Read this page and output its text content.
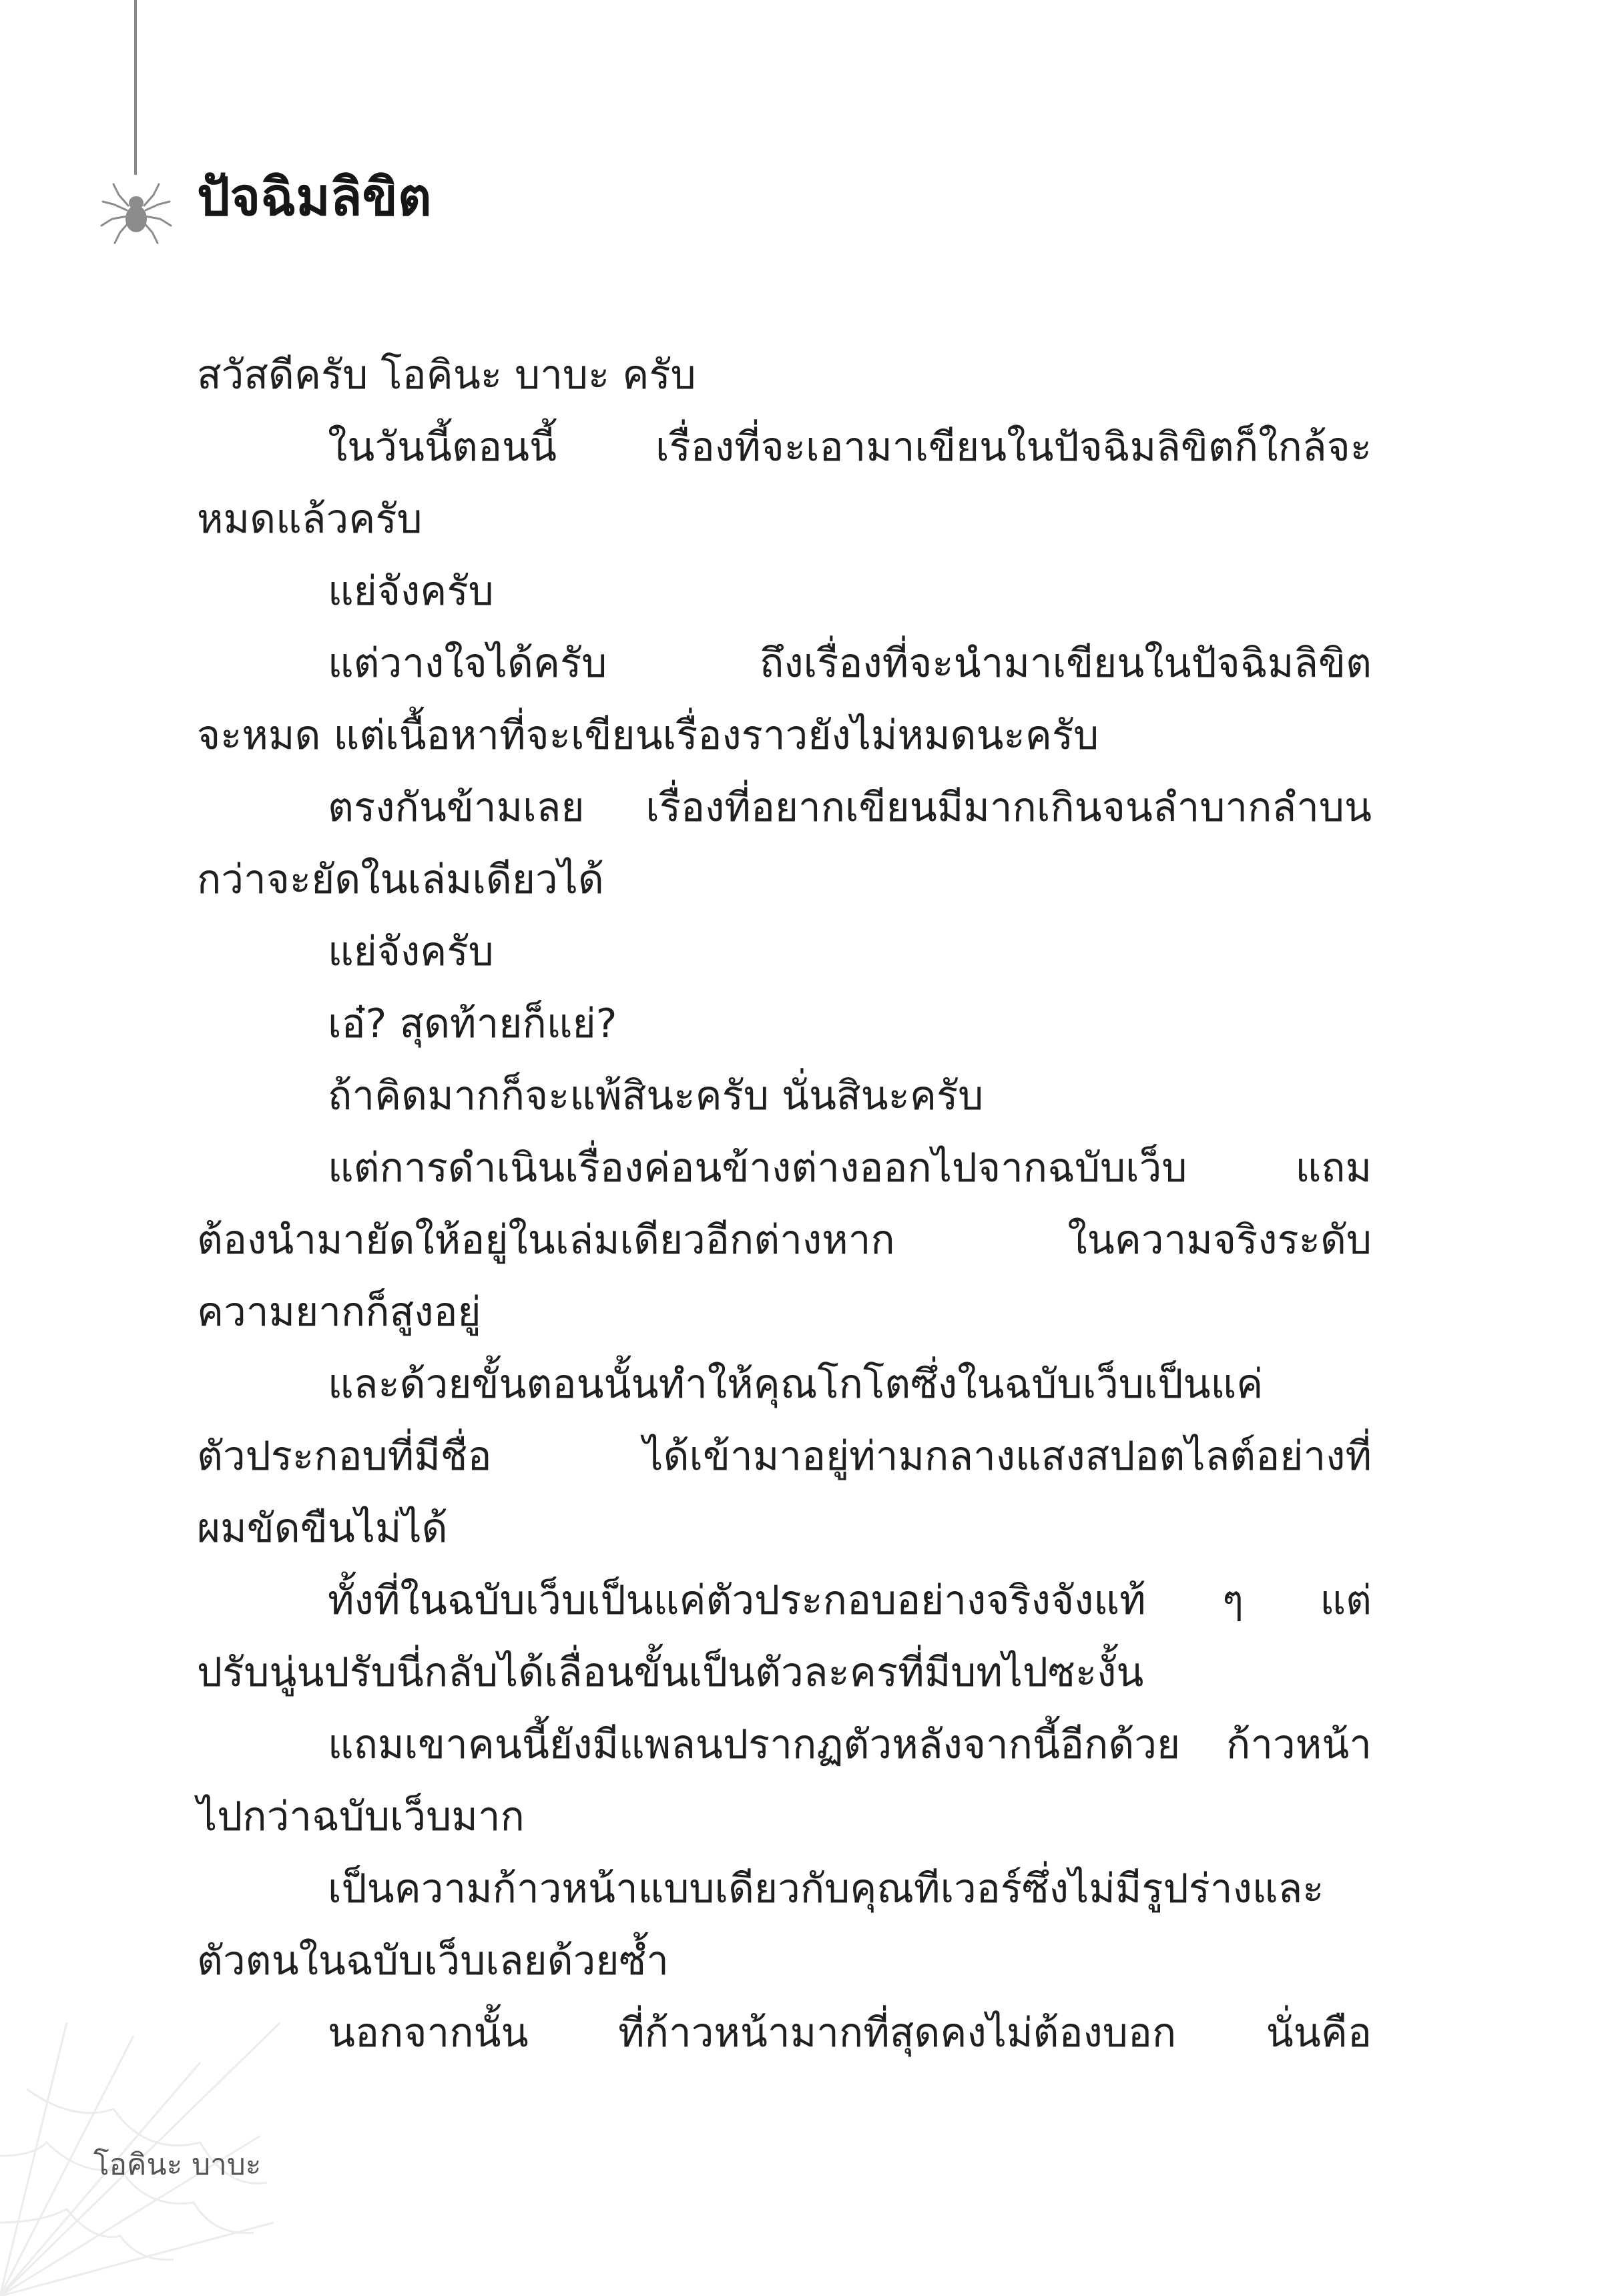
ปัจฉิมลิขิต
สวัสดีครับ โอคินะ บาบะ ครับ
ในวันนี้ตอนนี้ เรื่องที่จะเอามาเขียนในปัจฉิมลิขิตก็ใกล้จะ
หมดแล้วครับ
แย่จังครับ
แต่วางใจได้ครับ ถึงเรื่องที่จะนำมาเขียนในปัจฉิมลิขิต
จะหมด แต่เนื้อหาที่จะเขียนเรื่องราวยังไม่หมดนะครับ
ตรงกันข้ามเลย เรื่องที่อยากเขียนมีมากเกินจนลำบากลำบน
กว่าจะยัดในเล่มเดียวได้
แย่จังครับ
เอ๋? สุดท้ายก็แย่?
ถ้าคิดมากก็จะแพ้สินะครับ นั่นสินะครับ
แต่การดำเนินเรื่องค่อนข้างต่างออกไปจากฉบับเว็บ แถม
ต้องนำมายัดให้อยู่ในเล่มเดียวอีกต่างหาก ในความจริงระดับ
ความยากก็สูงอยู่
และด้วยขั้นตอนนั้นทำให้คุณโกโตซึ่งในฉบับเว็บเป็นแค่
ตัวประกอบที่มีชื่อ ได้เข้ามาอยู่ท่ามกลางแสงสปอตไลต์อย่างที่
ผมขัดขืนไม่ได้
ทั้งที่ในฉบับเว็บเป็นแค่ตัวประกอบอย่างจริงจังแท้ ๆ แต่
ปรับนู่นปรับนี่กลับได้เลื่อนขั้นเป็นตัวละครที่มีบทไปซะงั้น
แถมเขาคนนี้ยังมีแพลนปรากฏตัวหลังจากนี้อีกด้วย ก้าวหน้า
ไปกว่าฉบับเว็บมาก
เป็นความก้าวหน้าแบบเดียวกับคุณทีเวอร์ซึ่งไม่มีรูปร่างและ
ตัวตนในฉบับเว็บเลยด้วยซ้ำ
นอกจากนั้น ที่ก้าวหน้ามากที่สุดคงไม่ต้องบอก นั่นคือ
โอคินะ บาบะ
